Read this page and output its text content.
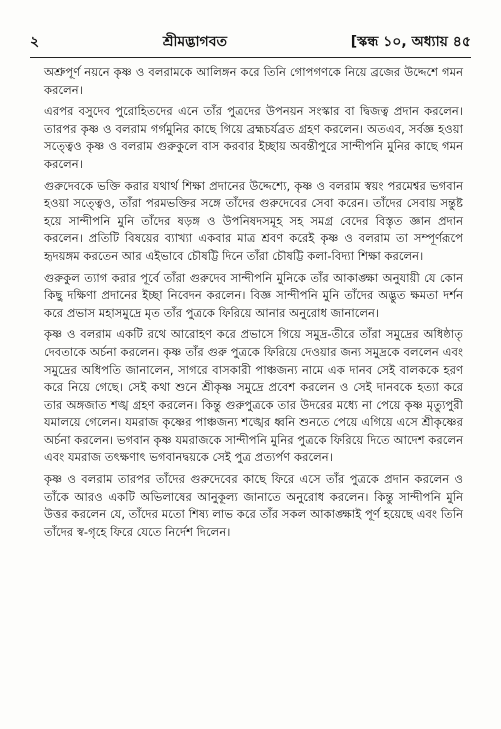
২	শ্রীমদ্ভাগবত	[স্কন্ধ ১০, অধ্যায় ৪৫

অশ্রুপূর্ণ নয়নে কৃষ্ণ ও বলরামকে আলিঙ্গন করে তিনি গোপগণকে নিয়ে ব্রজের উদ্দেশে গমন করলেন।

এরপর বসুদেব পুরোহিতদের এনে তাঁর পুত্রদের উপনয়ন সংস্কার বা দ্বিজত্ব প্রদান করলেন। তারপর কৃষ্ণ ও বলরাম গর্গমুনির কাছে গিয়ে ব্রহ্মচর্যব্রত গ্রহণ করলেন। অতএব, সর্বজ্ঞ হওয়া সত্ত্বেও কৃষ্ণ ও বলরাম গুরুকুলে বাস করবার ইচ্ছায় অবন্তীপুরে সান্দীপনি মুনির কাছে গমন করলেন।

গুরুদেবকে ভক্তি করার যথার্থ শিক্ষা প্রদানের উদ্দেশ্যে, কৃষ্ণ ও বলরাম স্বয়ং পরমেশ্বর ভগবান হওয়া সত্ত্বেও, তাঁরা পরমভক্তির সঙ্গে তাঁদের গুরুদেবের সেবা করেন। তাঁদের সেবায় সন্তুষ্ট হয়ে সান্দীপনি মুনি তাঁদের ষড়ঙ্গ ও উপনিষদসমূহ সহ সমগ্র বেদের বিস্তৃত জ্ঞান প্রদান করলেন। প্রতিটি বিষয়ের ব্যাখ্যা একবার মাত্র শ্রবণ করেই কৃষ্ণ ও বলরাম তা সম্পূর্ণরূপে হৃদয়ঙ্গম করতেন আর এইভাবে চৌষট্টি দিনে তাঁরা চৌষট্টি কলা-বিদ্যা শিক্ষা করলেন।

গুরুকুল ত্যাগ করার পূর্বে তাঁরা গুরুদেব সান্দীপনি মুনিকে তাঁর আকাঙ্ক্ষা অনুযায়ী যে কোন কিছু দক্ষিণা প্রদানের ইচ্ছা নিবেদন করলেন। বিজ্ঞ সান্দীপনি মুনি তাঁদের অদ্ভুত ক্ষমতা দর্শন করে প্রভাস মহাসমুদ্রে মৃত তাঁর পুত্রকে ফিরিয়ে আনার অনুরোধ জানালেন।

কৃষ্ণ ও বলরাম একটি রথে আরোহণ করে প্রভাসে গিয়ে সমুদ্র-তীরে তাঁরা সমুদ্রের অধিষ্ঠাতৃ দেবতাকে অর্চনা করলেন। কৃষ্ণ তাঁর গুরু পুত্রকে ফিরিয়ে দেওয়ার জন্য সমুদ্রকে বললেন এবং সমুদ্রের অধিপতি জানালেন, সাগরে বাসকারী পাঞ্চজন্য নামে এক দানব সেই বালককে হরণ করে নিয়ে গেছে। সেই কথা শুনে শ্রীকৃষ্ণ সমুদ্রে প্রবেশ করলেন ও সেই দানবকে হত্যা করে তার অঙ্গজাত শঙ্খ গ্রহণ করলেন। কিন্তু গুরুপুত্রকে তার উদরের মধ্যে না পেয়ে কৃষ্ণ মৃত্যুপুরী যমালয়ে গেলেন। যমরাজ কৃষ্ণের পাঞ্চজন্য শঙ্খের ধ্বনি শুনতে পেয়ে এগিয়ে এসে শ্রীকৃষ্ণের অর্চনা করলেন। ভগবান কৃষ্ণ যমরাজকে সান্দীপনি মুনির পুত্রকে ফিরিয়ে দিতে আদেশ করলেন এবং যমরাজ তৎক্ষণাৎ ভগবানদ্বয়কে সেই পুত্র প্রত্যর্পণ করলেন।

কৃষ্ণ ও বলরাম তারপর তাঁদের গুরুদেবের কাছে ফিরে এসে তাঁর পুত্রকে প্রদান করলেন ও তাঁকে আরও একটি অভিলাষের আনুকূল্য জানাতে অনুরোধ করলেন। কিন্তু সান্দীপনি মুনি উত্তর করলেন যে, তাঁদের মতো শিষ্য লাভ করে তাঁর সকল আকাঙ্ক্ষাই পূর্ণ হয়েছে এবং তিনি তাঁদের স্ব-গৃহে ফিরে যেতে নির্দেশ দিলেন।
